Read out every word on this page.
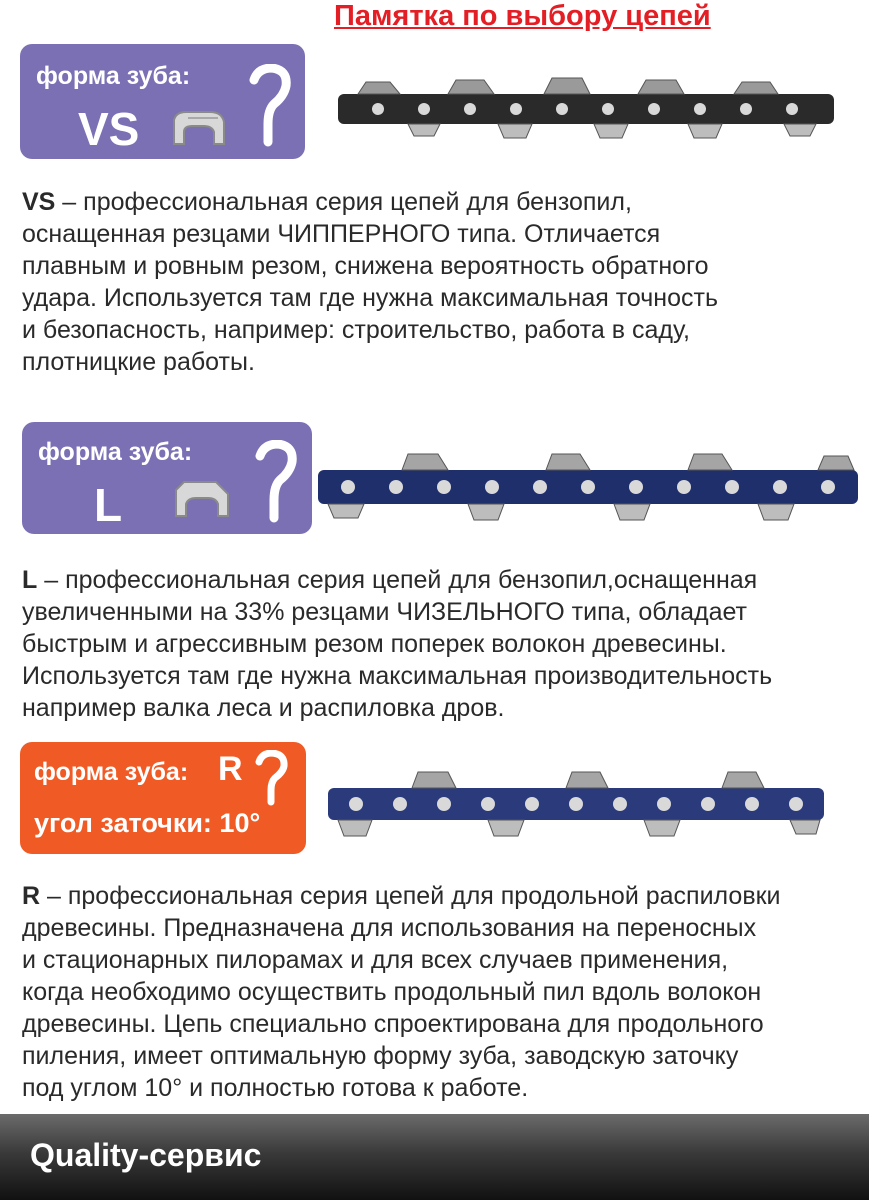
Памятка по выбору цепей
форма зуба:
VS
VS – профессиональная серия цепей для бензопил,
оснащенная резцами ЧИППЕРНОГО типа. Отличается
плавным и ровным резом, снижена вероятность обратного
удара. Используется там где нужна максимальная точность
и безопасность, например: строительство, работа в саду,
плотницкие работы.
форма зуба:
L
L – профессиональная серия цепей для бензопил,оснащенная
увеличенными на 33% резцами ЧИЗЕЛЬНОГО типа, обладает
быстрым и агрессивным резом поперек волокон древесины.
Используется там где нужна максимальная производительность
например валка леса и распиловка дров.
форма зуба: R
угол заточки: 10°
R – профессиональная серия цепей для продольной распиловки
древесины. Предназначена для использования на переносных
и стационарных пилорамах и для всех случаев применения,
когда необходимо осуществить продольный пил вдоль волокон
древесины. Цепь специально спроектирована для продольного
пиления, имеет оптимальную форму зуба, заводскую заточку
под углом 10° и полностью готова к работе.
Quality-сервис
